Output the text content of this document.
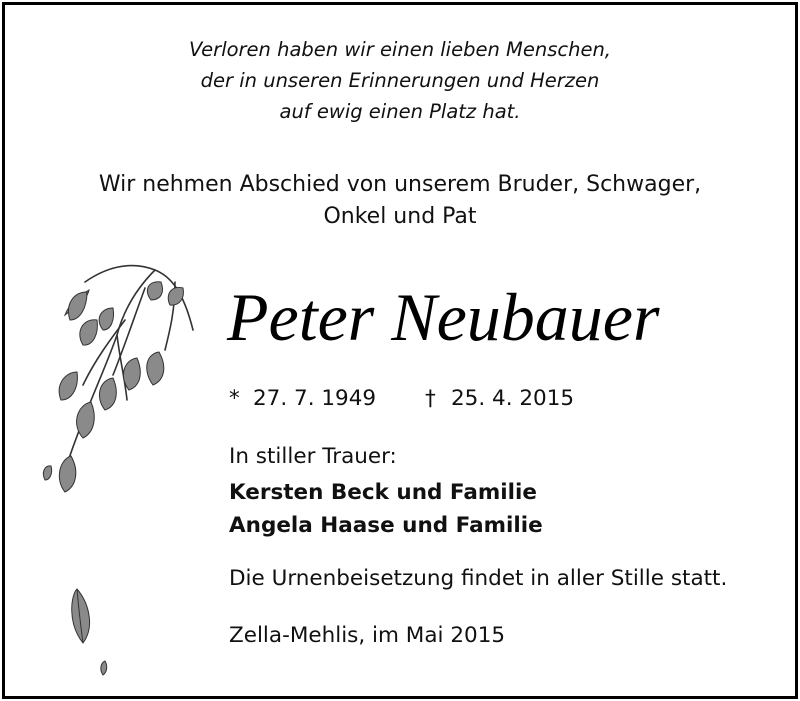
Verloren haben wir einen lieben Menschen,

der in unseren Erinnerungen und Herzen

auf ewig einen Platz hat.

Wir nehmen Abschied von unserem Bruder, Schwager,

Onkel und Pat

Peter Neubauer

* 27. 7. 1949 † 25. 4. 2015

In stiller Trauer:

Kersten Beck und Familie

Angela Haase und Familie

Die Urnenbeisetzung findet in aller Stille statt.

Zella-Mehlis, im Mai 2015
